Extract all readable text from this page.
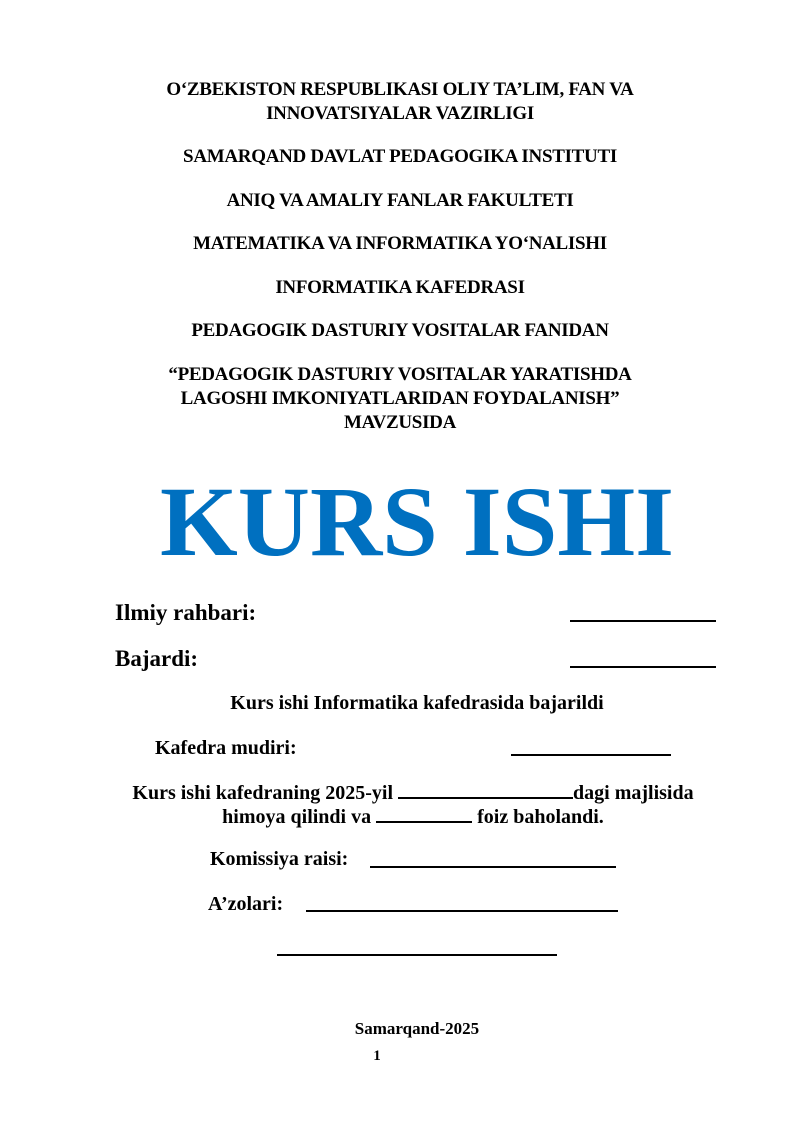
O‘ZBEKISTON RESPUBLIKASI OLIY TA’LIM, FAN VA
INNOVATSIYALAR VAZIRLIGI
SAMARQAND DAVLAT PEDAGOGIKA INSTITUTI
ANIQ VA AMALIY FANLAR FAKULTETI
MATEMATIKA VA INFORMATIKA YO‘NALISHI
INFORMATIKA KAFEDRASI
PEDAGOGIK DASTURIY VOSITALAR FANIDAN
“PEDAGOGIK DASTURIY VOSITALAR YARATISHDA
LAGOSHI IMKONIYATLARIDAN FOYDALANISH”
MAVZUSIDA
KURS ISHI
Ilmiy rahbari:
Bajardi:
Kurs ishi Informatika kafedrasida bajarildi
Kafedra mudiri:
Kurs ishi kafedraning 2025-yil	dagi majlisida
himoya qilindi va	foiz baholandi.
Komissiya raisi:
A’zolari:
Samarqand-2025
1
